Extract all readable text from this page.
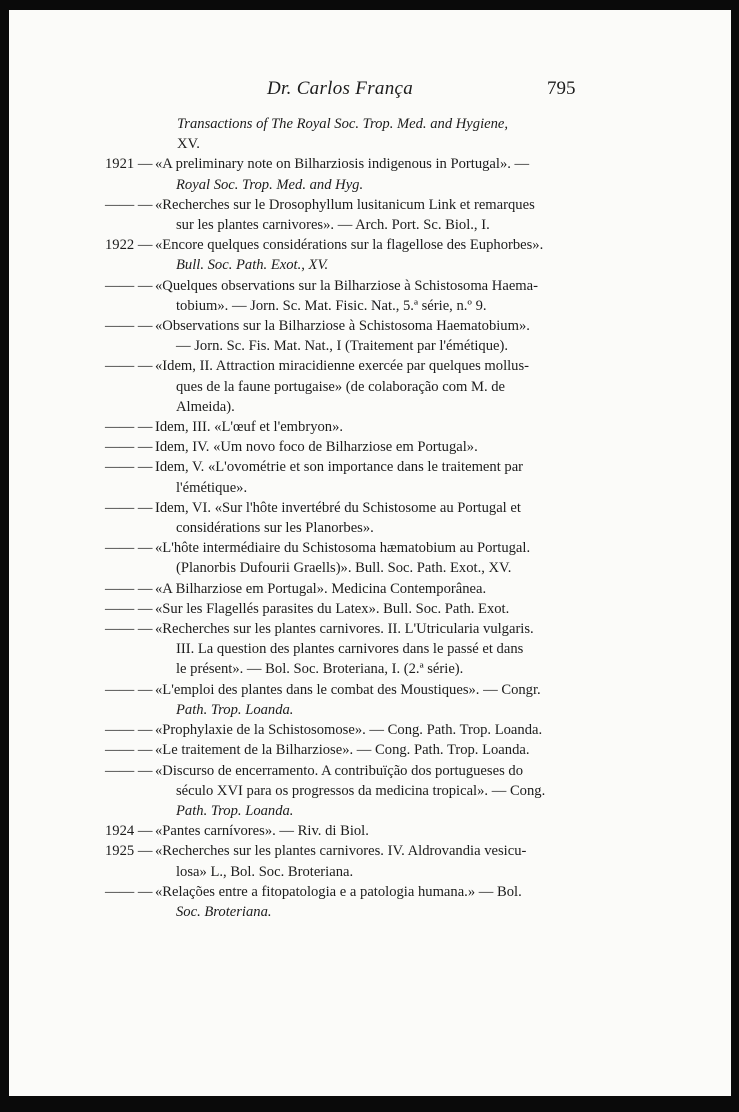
Dr. Carlos França	795
Transactions of The Royal Soc. Trop. Med. and Hygiene,
XV.
1921 — «A preliminary note on Bilharziosis indigenous in Portugal». —
Royal Soc. Trop. Med. and Hyg.
—— — «Recherches sur le Drosophyllum lusitanicum Link et remarques
sur les plantes carnivores». — Arch. Port. Sc. Biol., I.
1922 — «Encore quelques considérations sur la flagellose des Euphorbes».
Bull. Soc. Path. Exot., XV.
—— — «Quelques observations sur la Bilharziose à Schistosoma Haema-
tobium». — Jorn. Sc. Mat. Fisic. Nat., 5.ª série, n.º 9.
—— — «Observations sur la Bilharziose à Schistosoma Haematobium».
— Jorn. Sc. Fis. Mat. Nat., I (Traitement par l'émétique).
—— — «Idem, II. Attraction miracidienne exercée par quelques mollus-
ques de la faune portugaise» (de colaboração com M. de
Almeida).
—— — Idem, III. «L'œuf et l'embryon».
—— — Idem, IV. «Um novo foco de Bilharziose em Portugal».
—— — Idem, V. «L'ovométrie et son importance dans le traitement par
l'émétique».
—— — Idem, VI. «Sur l'hôte invertébré du Schistosome au Portugal et
considérations sur les Planorbes».
—— — «L'hôte intermédiaire du Schistosoma hæmatobium au Portugal.
(Planorbis Dufourii Graells)». Bull. Soc. Path. Exot., XV.
—— — «A Bilharziose em Portugal». Medicina Contemporânea.
—— — «Sur les Flagellés parasites du Latex». Bull. Soc. Path. Exot.
—— — «Recherches sur les plantes carnivores. II. L'Utricularia vulgaris.
III. La question des plantes carnivores dans le passé et dans
le présent». — Bol. Soc. Broteriana, I. (2.ª série).
—— — «L'emploi des plantes dans le combat des Moustiques». — Congr.
Path. Trop. Loanda.
—— — «Prophylaxie de la Schistosomose». — Cong. Path. Trop. Loanda.
—— — «Le traitement de la Bilharziose». — Cong. Path. Trop. Loanda.
—— — «Discurso de encerramento. A contribuïção dos portugueses do
século XVI para os progressos da medicina tropical». — Cong.
Path. Trop. Loanda.
1924 — «Pantes carnívores». — Riv. di Biol.
1925 — «Recherches sur les plantes carnivores. IV. Aldrovandia vesicu-
losa» L., Bol. Soc. Broteriana.
—— — «Relações entre a fitopatologia e a patologia humana.» — Bol.
Soc. Broteriana.
